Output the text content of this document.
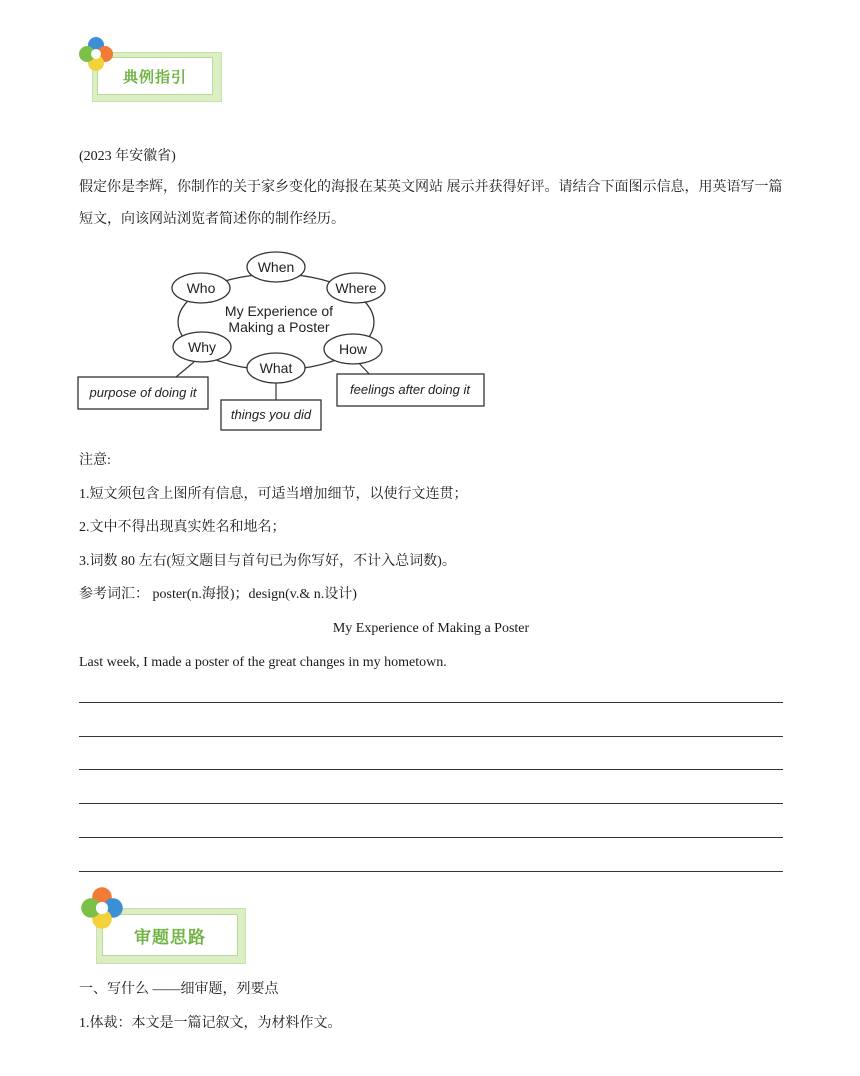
典例指引
(2023 年安徽省)
假定你是李辉，你制作的关于家乡变化的海报在某英文网站 展示并获得好评。请结合下面图示信息，用英语写一篇短文，向该网站浏览者简述你的制作经历。
Who
When
Where
Why
What
How
My Experience of
Making a Poster
purpose of doing it
things you did
feelings after doing it
注意:
1.短文须包含上图所有信息，可适当增加细节，以使行文连贯；
2.文中不得出现真实姓名和地名；
3.词数 80 左右(短文题目与首句已为你写好，不计入总词数)。
参考词汇： poster(n.海报)；design(v.& n.设计)
My Experience of Making a Poster
Last week, I made a poster of the great changes in my hometown.
审题思路
一、写什么 ——细审题，列要点
1.体裁：本文是一篇记叙文，为材料作文。
